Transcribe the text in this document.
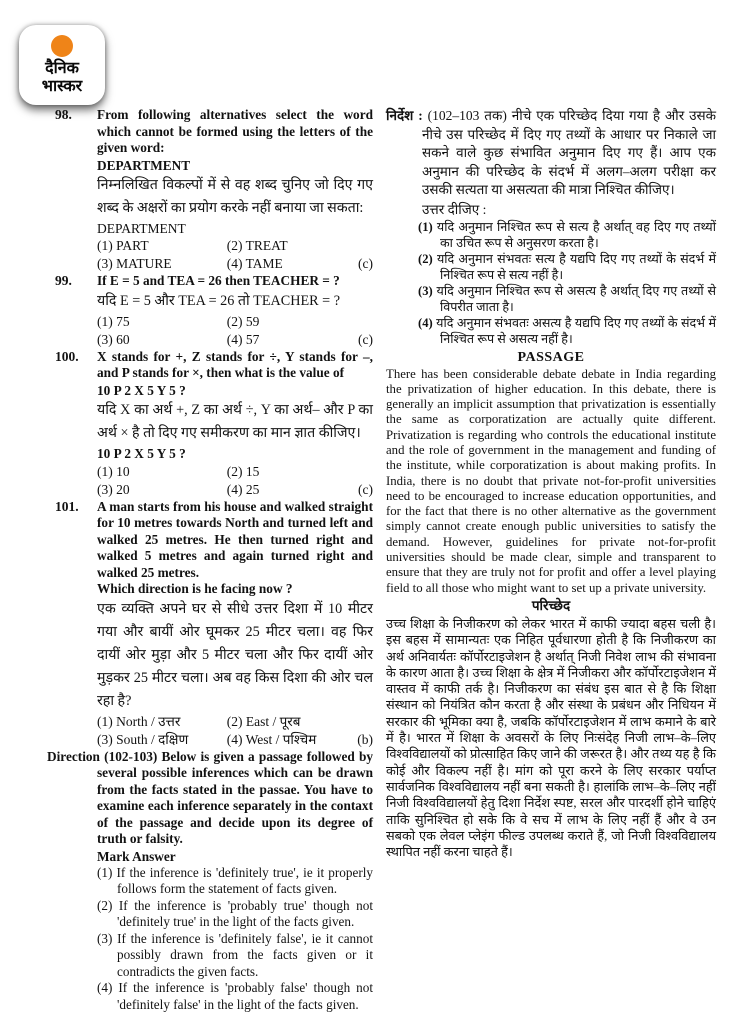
दैनिक
भास्कर
98.	From following alternatives select the word which cannot be formed using the letters of the given word:
DEPARTMENT
निम्नलिखित विकल्पों में से वह शब्द चुनिए जो दिए गए शब्द के अक्षरों का प्रयोग करके नहीं बनाया जा सकता:
DEPARTMENT
(1) PART	(2) TREAT
(3) MATURE	(4) TAME	(c)
99.	If E = 5 and TEA = 26 then TEACHER = ?
यदि E = 5 और TEA = 26 तो TEACHER = ?
(1) 75	(2) 59
(3) 60	(4) 57	(c)
100.	X stands for +, Z stands for ÷, Y stands for –, and P stands for ×, then what is the value of
10 P 2 X 5 Y 5 ?
यदि X का अर्थ +, Z का अर्थ ÷, Y का अर्थ– और P का अर्थ × है तो दिए गए समीकरण का मान ज्ञात कीजिए।
10 P 2 X 5 Y 5 ?
(1) 10	(2) 15
(3) 20	(4) 25	(c)
101.	A man starts from his house and walked straight for 10 metres towards North and turned left and walked 25 metres. He then turned right and walked 5 metres and again turned right and walked 25 metres.
Which direction is he facing now ?
एक व्यक्ति अपने घर से सीधे उत्तर दिशा में 10 मीटर गया और बायीं ओर घूमकर 25 मीटर चला। वह फिर दायीं ओर मुड़ा और 5 मीटर चला और फिर दायीं ओर मुड़कर 25 मीटर चला। अब वह किस दिशा की ओर चल रहा है?
(1) North / उत्तर	(2) East / पूरब
(3) South / दक्षिण	(4) West / पश्चिम	(b)
Direction (102-103) Below is given a passage followed by several possible inferences which can be drawn from the facts stated in the passae. You have to examine each inference separately in the contaxt of the passage and decide upon its degree of truth or falsity.
Mark Answer
(1) If the inference is 'definitely true', ie it properly follows form the statement of facts given.
(2) If the inference is 'probably true' though not 'definitely true' in the light of the facts given.
(3) If the inference is 'definitely false', ie it cannot possibly drawn from the facts given or it contradicts the given facts.
(4) If the inference is 'probably false' though not 'definitely false' in the light of the facts given.
निर्देश : (102–103 तक) नीचे एक परिच्छेद दिया गया है और उसके नीचे उस परिच्छेद में दिए गए तथ्यों के आधार पर निकाले जा सकने वाले कुछ संभावित अनुमान दिए गए हैं। आप एक अनुमान की परिच्छेद के संदर्भ में अलग–अलग परीक्षा कर उसकी सत्यता या असत्यता की मात्रा निश्चित कीजिए।
उत्तर दीजिए :
(1) यदि अनुमान निश्चित रूप से सत्य है अर्थात् वह दिए गए तथ्यों का उचित रूप से अनुसरण करता है।
(2) यदि अनुमान संभवतः सत्य है यद्यपि दिए गए तथ्यों के संदर्भ में निश्चित रूप से सत्य नहीं है।
(3) यदि अनुमान निश्चित रूप से असत्य है अर्थात् दिए गए तथ्यों से विपरीत जाता है।
(4) यदि अनुमान संभवतः असत्य है यद्यपि दिए गए तथ्यों के संदर्भ में निश्चित रूप से असत्य नहीं है।
PASSAGE
There has been considerable debate debate in India regarding the privatization of higher education. In this debate, there is generally an implicit assumption that privatization is essentially the same as corporatization are actually quite different. Privatization is regarding who controls the educational institute and the role of government in the management and funding of the institute, while corporatization is about making profits. In India, there is no doubt that private not-for-profit universities need to be encouraged to increase education opportunities, and for the fact that there is no other alternative as the government simply cannot create enough public universities to satisfy the demand. However, guidelines for private not-for-profit universities should be made clear, simple and transparent to ensure that they are truly not for profit and offer a level playing field to all those who might want to set up a private university.
परिच्छेद
उच्च शिक्षा के निजीकरण को लेकर भारत में काफी ज्यादा बहस चली है। इस बहस में सामान्यतः एक निहित पूर्वधारणा होती है कि निजीकरण का अर्थ अनिवार्यतः कॉर्पोरटाइजेशन है अर्थात् निजी निवेश लाभ की संभावना के कारण आता है। उच्च शिक्षा के क्षेत्र में निजीकरा और कॉर्पोरटाइजेशन में वास्तव में काफी तर्क है। निजीकरण का संबंध इस बात से है कि शिक्षा संस्थान को नियंत्रित कौन करता है और संस्था के प्रबंधन और निधियन में सरकार की भूमिका क्या है, जबकि कॉर्पोरटाइजेशन में लाभ कमाने के बारे में है। भारत में शिक्षा के अवसरों के लिए निःसंदेह निजी लाभ–के–लिए विश्वविद्यालयों को प्रोत्साहित किए जाने की जरूरत है। और तथ्य यह है कि कोई और विकल्प नहीं है। मांग को पूरा करने के लिए सरकार पर्याप्त सार्वजनिक विश्वविद्यालय नहीं बना सकती है। हालांकि लाभ–के–लिए नहीं निजी विश्वविद्यालयों हेतु दिशा निर्देश स्पष्ट, सरल और पारदर्शी होने चाहिएं ताकि सुनिश्चित हो सके कि वे सच में लाभ के लिए नहीं हैं और वे उन सबको एक लेवल प्लेइंग फील्ड उपलब्ध कराते हैं, जो निजी विश्वविद्यालय स्थापित नहीं करना चाहते हैं।
